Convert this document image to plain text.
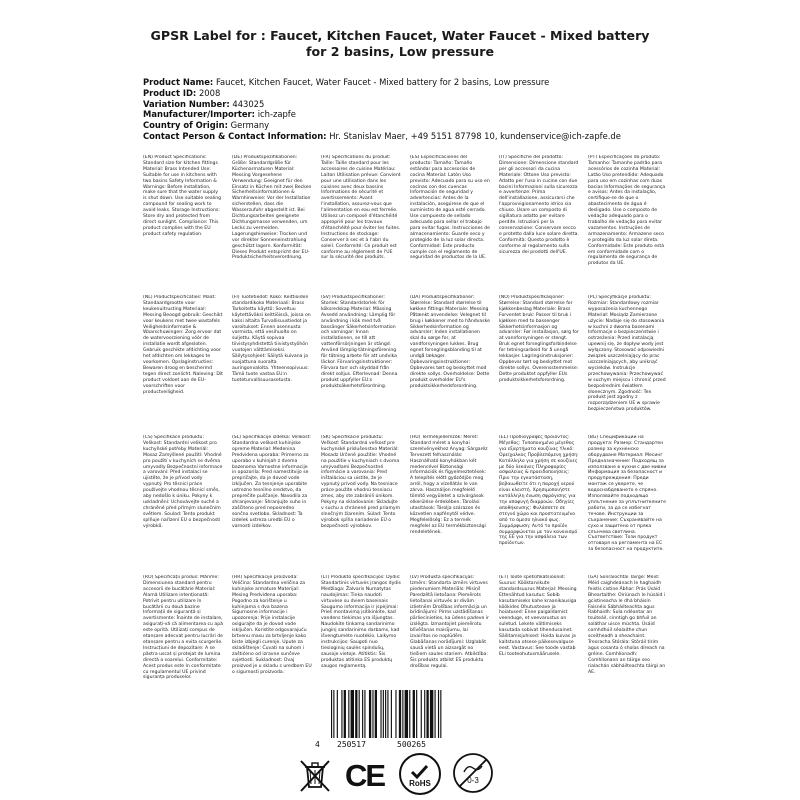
GPSR Label for : Faucet, Kitchen Faucet, Water Faucet - Mixed battery for 2 basins, Low pressure
Product Name: Faucet, Kitchen Faucet, Water Faucet - Mixed battery for 2 basins, Low pressure
Product ID: 2008
Variation Number: 443025
Manufacturer/Importer: ich-zapfe
Country of Origin: Germany
Contact Person & Contact Information: Hr. Stanislav Maer, +49 5151 87798 10, kundenservice@ich-zapfe.de

(EN) Product Specifications: Standard size for kitchen fittings Material: Brass Intended Use: Suitable for use in kitchens with two basins Safety Information & Warnings: Before installation, make sure that the water supply is shut down. Use suitable sealing compound for sealing work to avoid leaks. Storage Instructions: Store dry and protected from direct sunlight. Compliance: This product complies with the EU product safety regulation.

(DE) Produktspezifikationen: Größe: Standardgröße für Küchenarmaturen Material: Messing Vorgesehene Verwendung: Geeignet für den Einsatz in Küchen mit zwei Becken Sicherheitsinformationen & Warnhinweise: Vor der Installation sicherstellen, dass die Wasserzufuhr abgestellt ist. Bei Dichtungsarbeiten geeignete Dichtungsmasse verwenden, um Lecks zu vermeiden. Lagerungshinweise: Trocken und vor direkter Sonneneinstrahlung geschützt lagern. Konformität: Dieses Produkt entspricht der EU-Produktsicherheitsverordnung.

(FR) Spécifications du produit: Taille: Taille standard pour les accessoires de cuisine Matériau: Laiton Utilisation prévue: Convient pour une utilisation dans les cuisines avec deux bassins Informations de sécurité et avertissements: Avant l'installation, assurez-vous que l'alimentation en eau est fermée. Utilisez un composé d'étanchéité approprié pour les travaux d'étanchéité pour éviter les fuites. Instructions de stockage: Conserver à sec et à l'abri du soleil. Conformité: Ce produit est conforme au règlement de l'UE sur la sécurité des produits.

(ES) Especificaciones del producto: Tamaño: Tamaño estándar para accesorios de cocina Material: Latón Uso previsto: Adecuado para su uso en cocinas con dos cuencas Información de seguridad y advertencias: Antes de la instalación, asegúrese de que el suministro de agua esté cerrado. Use compuesto de sellado adecuado para sellar el trabajo para evitar fugas. Instrucciones de almacenamiento: Guarde seco y protegido de la luz solar directa. Conformidad: Este producto cumple con el reglamento de seguridad de productos de la UE.

(IT) Specifiche del prodotto: Dimensione: Dimensione standard per gli accessori da cucina Materiale: Ottone Uso previsto: Adatto per l'uso in cucine con due bacini Informazioni sulla sicurezza e avvertenze: Prima dell'installazione, assicurarsi che l'approvvigionamento idrico sia chiuso. Usare un composto di sigillatura adatto per evitare perdite. Istruzioni per la conservazione: Conservare secco e protetto dalla luce solare diretta. Conformità: Questo prodotto è conforme al regolamento sulla sicurezza dei prodotti dell'UE.

(PT) Especificações do produto: Tamanho: Tamanho padrão para acessórios de cozinha Material: Latão Uso pretendido: Adequado para uso em cozinhas com duas bacias Informações de segurança e avisos: Antes da instalação, certifique-se de que o abastecimento de água é desligado. Use o composto de vedação adequado para o trabalho de vedação para evitar vazamentos. Instruções de armazenamento: Armazene seco e protegido da luz solar direta. Conformidade: Este produto está em conformidade com o regulamento de segurança de produtos da UE.

(NL) Productspecificaties: Maat: Standaardgrootte voor keukenuitrusting Materiaal: Messing Beoogd gebruik: Geschikt voor keukens met twee wastafels Veiligheidsinformatie & Waarschuwingen: Zorg ervoor dat de watervoorziening vóór de installatie wordt afgesloten. Gebruik geschikte afdichting voor het afdichten om lekkages te voorkomen. Opslaginstructies: Bewaren droog en beschermd tegen direct zonlicht. Naleving: Dit product voldoet aan de EU-voorschriften voor productveiligheid.

(FI) Tuotetiedot: Koko: Keittiöiden standardikoko Materiaali: Brass Tarkoitettu käyttö: Soveltuu käytettäväksi keittiöissä, joissa on kaksi altaita Turvallisuustiedot ja varoitukset: Ennen asennusta varmista, että vesihuolto on suljettu. Käytä sopivaa tiivistysyhdistettä tiivistystyöhön vuotojen välttämiseksi. Säilytysohjeet: Säilytä kuivana ja suojattuna suoralta auringonvalolta. Yhteensopivuus: Tämä tuote vastaa EU:n tuoteturvallisuusasetusta.

(SV) Produktspecifikationer: Storlek: Standardstorlek för köksredskap Material: Mässing Avsedd användning: Lämplig för användning i kök med två bassänger Säkerhetsinformation och varningar: Innan installationen, se till att vattenförsörjningen är stängd. Använd lämplig tätningsförening för tätning arbete för att undvika läckor. Förvaringsinstruktioner: Förvara torr och skyddad från direkt solljus. Efterlevnad: Denna produkt uppfyller EU:s produktsäkerhetsförordning.

(DA) Produktspecifikationer: Størrelse: Standard størrelse til køkken fittings Materiale: Messing Påtænkt anvendelse: Velegnet til brug i køkkener med to håndvaske Sikkerhedsinformation og advarsler: Inden installationen skal du sørge for, at vandforsyningen lukkes. Brug egnet forseglingsblanding til at undgå lækager. Opbevaringsinstruktioner: Opbevares tørt og beskyttet mod direkte sollys. Overholdelse: Dette produkt overholder EU's produktsikkerhedsforordning.

(NO) Produktspesifikasjoner: Størrelse: Standard størrelse for kjøkkenbeslag Materiale: Brass Forventet bruk: Passer til bruk i kjøkken med to bassenger Sikkerhetsinformasjon og advarsler: Før installasjon, sørg for at vannforsyningen er stengt. Bruk egnet forseglingsforbindelse for tetningsarbeid for å unngå lekkasjer. Lagringsinstruksjoner: Oppbevar tørt og beskyttet mot direkte sollys. Overensstemmelse: Dette produktet oppfyller EUs produktsikkerhetsforordning.

(PL) Specyfikacje produktu: Rozmiar: Standardowy rozmiar wyposażenia kuchennego Materiał: Mosiądz Zamierzone użycie: Nadaje się do stosowania w kuchni z dwoma basenami Informacje o bezpieczeństwie i ostrzeżenia: Przed instalacją upewnij się, że dopływ wody jest wyłączony. Stosować odpowiedni związek uszczelniający do prac uszczelniających, aby uniknąć wycieków. Instrukcje przechowywania: Przechowywać w suchym miejscu i chronić przed bezpośrednim światłem słonecznym. Zgodność: Ten produkt jest zgodny z rozporządzeniem UE w sprawie bezpieczeństwa produktów.

(CS) Specifikace produktu: Velikost: Standardní velikost pro kuchyňské potřeby Materiál: Mosaz Zamýšlené použití: Vhodné pro použití v kuchyních se dvěma umyvadly Bezpečnostní informace a varování: Před instalací se ujistěte, že je přívod vody vypnutý. Pro těsnicí práce používejte vhodnou těsnicí směs, aby nedošlo k úniku. Pokyny k uskladnění: Uchovávejte suché a chráněné před přímým slunečním světlem. Soulad: Tento produkt splňuje nařízení EU o bezpečnosti výrobků.

(SL) Specifikacije izdelka: Velikost: Standardna velikost kuhinjske opreme Material: Medenina Predvidena uporaba: Primerno za uporabo v kuhinjah z dvema bazenoma Varnostne informacije in opozorila: Pred namestitvijo se prepričajte, da je dovod vode izključen. Za tesnjenje uporabite ustrezno tesnilno sredstvo, da preprečite puščanje. Navodila za shranjevanje: Shranjujte suho in zaščiteno pred neposredno sončno svetlobo. Skladnost: Ta izdelek ustreza uredbi EU o varnosti izdelkov.

(SK) Špecifikácie produktu: Veľkosť: Štandardná veľkosť pre kuchynské príslušenstvo Materiál: Mosadz Určené použitie: Vhodné na použitie v kuchyniach s dvoma umývadlami Bezpečnostné informácie a varovania: Pred inštaláciou sa uistite, že je vypnutý prívod vody. Na tesniace práce použite vhodnú tesniacu zmes, aby ste zabránili únikom. Pokyny na skladovanie: Skladujte v suchu a chránené pred priamym slnečným žiarením. Súlad: Tento výrobok spĺňa nariadenie EÚ o bezpečnosti výrobkov.

(HU) Termékjellemzők: Méret: Standard méret a konyhai szerelvényekhez Anyag: Sárgaréz Tervezett felhasználás: Használható konyhákban két medencével Biztonsági információk és figyelmeztetések: A telepítés előtt győződjön meg arról, hogy a vízellátás le van zárva. Használjon megfelelő tömítő vegyületet a szivárgások elkerülése érdekében. Tárolási utasítások: Tárolja szárazon és közvetlen napfénytől védve. Megfelelőség: Ez a termék megfelel az EU termékbiztonsági rendeletének.

(EL) Προδιαγραφές προϊόντος: Μέγεθος: Τυποποιημένο μέγεθος για εξαρτήματα κουζίνας Υλικό: Ορείχαλκος Προβλεπόμενη χρήση: Κατάλληλο για χρήση σε κουζίνες με δύο λεκάνες Πληροφορίες ασφαλείας & προειδοποιήσεις: Πριν την εγκατάσταση, βεβαιωθείτε ότι η παροχή νερού είναι κλειστή. Χρησιμοποιήστε κατάλληλη ένωση σφράγισης για την αποφυγή διαρροών. Οδηγίες αποθήκευσης: Φυλάσσετε σε στεγνό χώρο και προστατευμένο από το άμεσο ηλιακό φως. Συμμόρφωση: Αυτό το προϊόν συμμορφώνεται με τον κανονισμό της ΕΕ για την ασφάλεια των προϊόντων.

(BG) Спецификации на продукта: Размер: Стандартен размер за кухненско оборудване Материал: Месинг Предназначение: Подходящ за използване в кухни с две мивки Информация за безопасност и предупреждения: Преди монтаж се уверете, че водоснабдяването е спряно. Използвайте подходящо уплътнение за уплътнителните работи, за да се избегнат течове. Инструкции за съхранение: Съхранявайте на сухо и защитено от пряка слънчева светлина. Съответствие: Този продукт отговаря на регламента на ЕС за безопасност на продуктите.

(RO) Specificații produs: Mărime: Dimensiunea standard pentru accesorii de bucătărie Material: Alamă Utilizare intenționată: Potrivit pentru utilizare în bucătării cu două bazine Informații de siguranță și avertismente: Înainte de instalare, asigurați-vă că alimentarea cu apă este oprită. Utilizați compus de etanșare adecvat pentru lucrări de etanșare pentru a evita scurgerile. Instrucțiuni de depozitare: A se păstra uscat și protejat de lumina directă a soarelui. Conformitate: Acest produs este în conformitate cu regulamentul UE privind siguranța produselor.

(HR) Specifikacije proizvoda: Veličina: Standardna veličina za kuhinjske armature Materijal: Mesing Predviđena uporaba: Pogodno za korištenje u kuhinjama s dva bazena Sigurnosne informacije i upozorenja: Prije instalacije osigurajte da je dovod vode isključen. Koristite odgovarajuću brtvenu masu za brtvljenje kako biste izbjegli curenje. Upute za skladištenje: Čuvati na suhom i zaštićeno od izravne sunčeve svjetlosti. Sukladnost: Ovaj proizvod je u skladu s uredbom EU o sigurnosti proizvoda.

(LT) Produkto specifikacijos: Dydis: Standartinis virtuvės įrangos dydis Medžiaga: Žalvaris Numatytas naudojimas: Tinka naudoti virtuvėse su dviem baseinais Saugumo informacija ir įspėjimai: Prieš montavimą įsitikinkite, kad vandens tiekimas yra išjungtas. Naudokite tinkamą sandarinimo junginį sandarinimo darbams, kad išvengtumėte nuotėkio. Laikymo instrukcijos: Saugoti nuo tiesioginių saulės spindulių, sausoje vietoje. Atitiktis: Šis produktas atitinka ES produktų saugos reglamentą.

(LV) Produkta specifikācijas: Izmērs: Standarta izmērs virtuves piederumiem Materiāls: Misiņš Paredzētā lietošana: Piemērots lietošanai virtuvēs ar divām izlietnēm Drošības informācija un brīdinājumi: Pirms uzstādīšanas pārliecinieties, ka ūdens padeve ir izslēgta. Izmantojiet piemērotu blīvēšanas maisījumu, lai izvairītos no noplūdēm. Glabāšanas norādījumi: Uzglabāt sausā vietā un aizsargāt no tiešiem saules stariem. Atbilstība: Šis produkts atbilst ES produktu drošības regulai.

(ET) Toote spetsifikatsioonid: Suurus: Kööktarvikute standardsuurus Materjal: Messing Ettenähtud kasutus: Sobib kasutamiseks kahe kraanikausiga köökides Ohutusteave ja hoiatused: Enne paigaldamist veenduge, et veevarustus on suletud. Lekete vältimiseks kasutada sobivat tihendusainet. Säilitamisjuhised: Hoida kuivas ja kaitstuna otsese päikesevalguse eest. Vastavus: See toode vastab ELi tooteohutusmäärusele.

(GA) Sonraíochtaí Táirge: Méid: Méid caighdeánach le haghaidh feistis cistine Ábhar: Prás Úsáid Bheartaithe: Oiriúnach le húsáid i gcistineacha le dhá bháisín Faisnéis Sábháilteachta agus Rabhaidh: Sula ndéantar an tsuiteáil, cinntigh go bhfuil an soláthar uisce múchta. Úsáid comhdhúil séalaithe chun sceitheadh a sheachaint. Treoracha Stórála: Stóráil tirim agus cosanta ó sholas díreach na gréine. Comhlíonadh: Comhlíonann an táirge seo rialachán sábháilteachta táirgí an AE.

4 250517	500265
CE	RoHS	0-3
